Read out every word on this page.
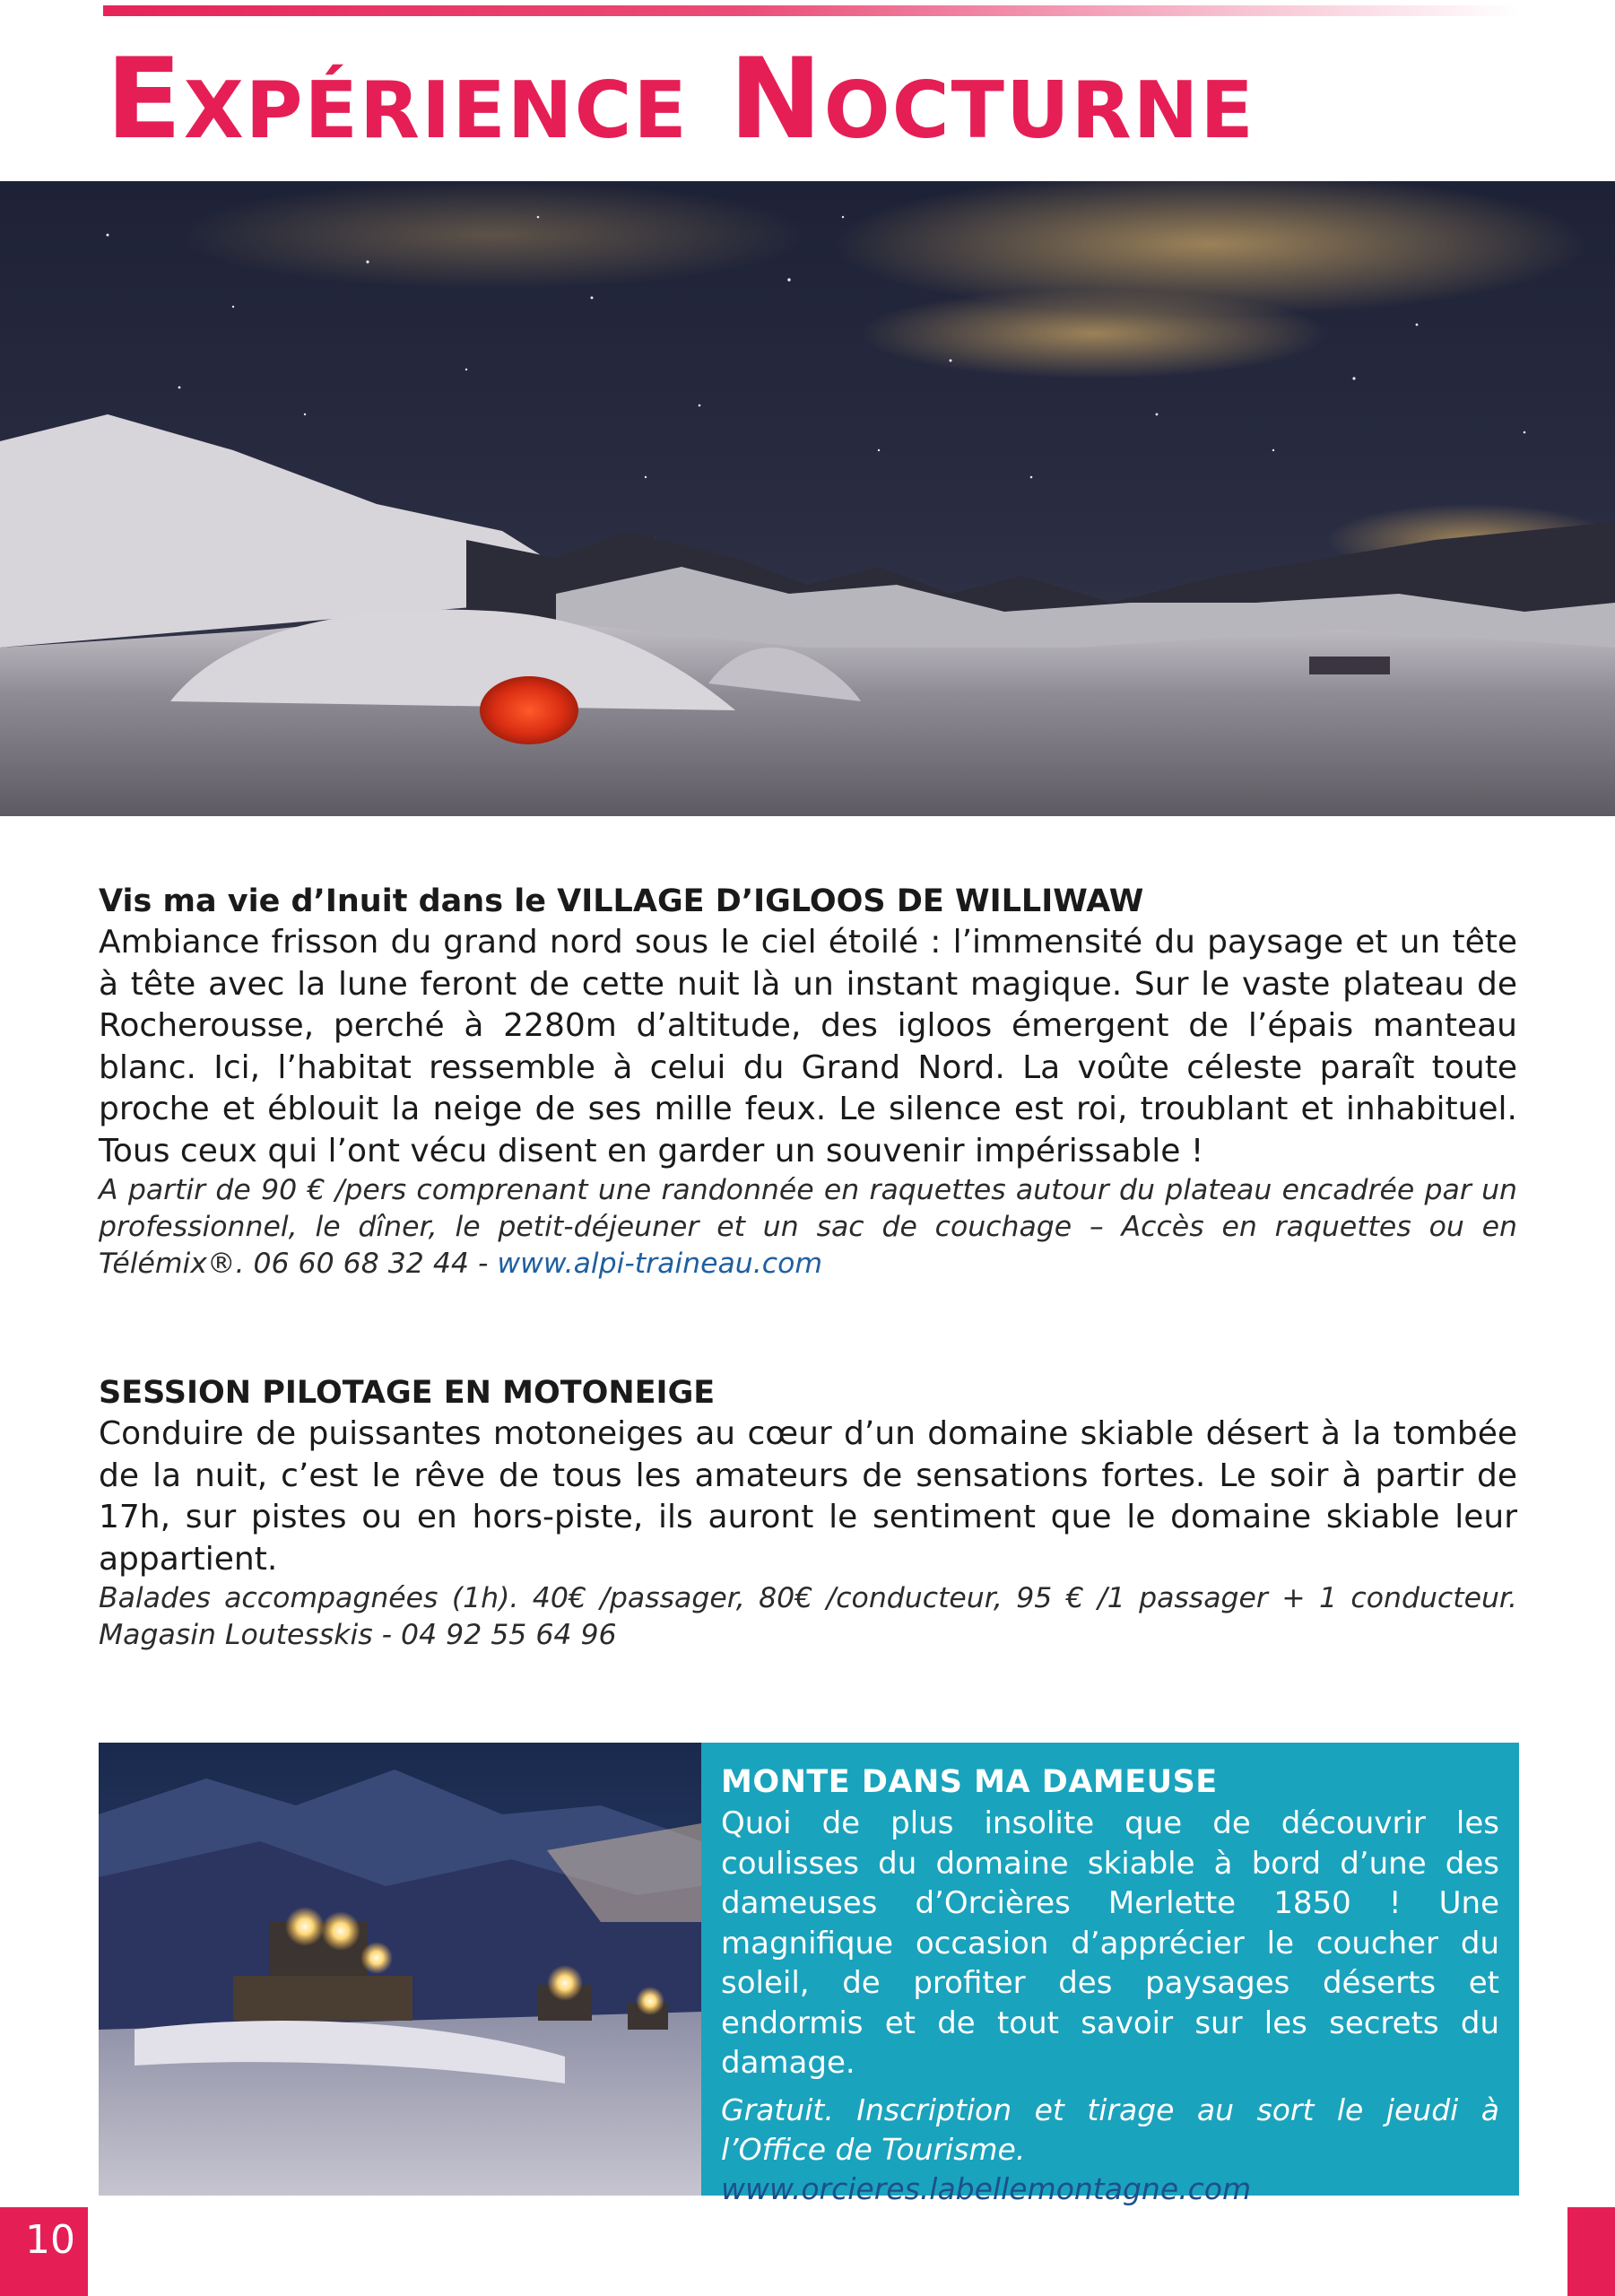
Expérience Nocturne
Vis ma vie d’Inuit dans le VILLAGE D’IGLOOS DE WILLIWAW

Ambiance frisson du grand nord sous le ciel étoilé : l’immensité du paysage et un tête à tête avec la lune feront de cette nuit là un instant magique. Sur le vaste plateau de Rocherousse, perché à 2280m d’altitude, des igloos émergent de l’épais manteau blanc. Ici, l’habitat ressemble à celui du Grand Nord. La voûte céleste paraît toute proche et éblouit la neige de ses mille feux. Le silence est roi, troublant et inhabituel. Tous ceux qui l’ont vécu disent en garder un souvenir impérissable !

A partir de 90 € /pers comprenant une randonnée en raquettes autour du plateau encadrée par un professionnel, le dîner, le petit-déjeuner et un sac de couchage – Accès en raquettes ou en Télémix®. 06 60 68 32 44 - www.alpi-traineau.com

SESSION PILOTAGE EN MOTONEIGE

Conduire de puissantes motoneiges au cœur d’un domaine skiable désert à la tombée de la nuit, c’est le rêve de tous les amateurs de sensations fortes. Le soir à partir de 17h, sur pistes ou en hors-piste, ils auront le sentiment que le domaine skiable leur appartient.

Balades accompagnées (1h). 40€ /passager, 80€ /conducteur, 95 € /1 passager + 1 conducteur. Magasin Loutesskis - 04 92 55 64 96

MONTE DANS MA DAMEUSE

Quoi de plus insolite que de découvrir les coulisses du domaine skiable à bord d’une des dameuses d’Orcières Merlette 1850 ! Une magnifique occasion d’apprécier le coucher du soleil, de profiter des paysages déserts et endormis et de tout savoir sur les secrets du damage.

Gratuit. Inscription et tirage au sort le jeudi à l’Office de Tourisme.

www.orcieres.labellemontagne.com

10
